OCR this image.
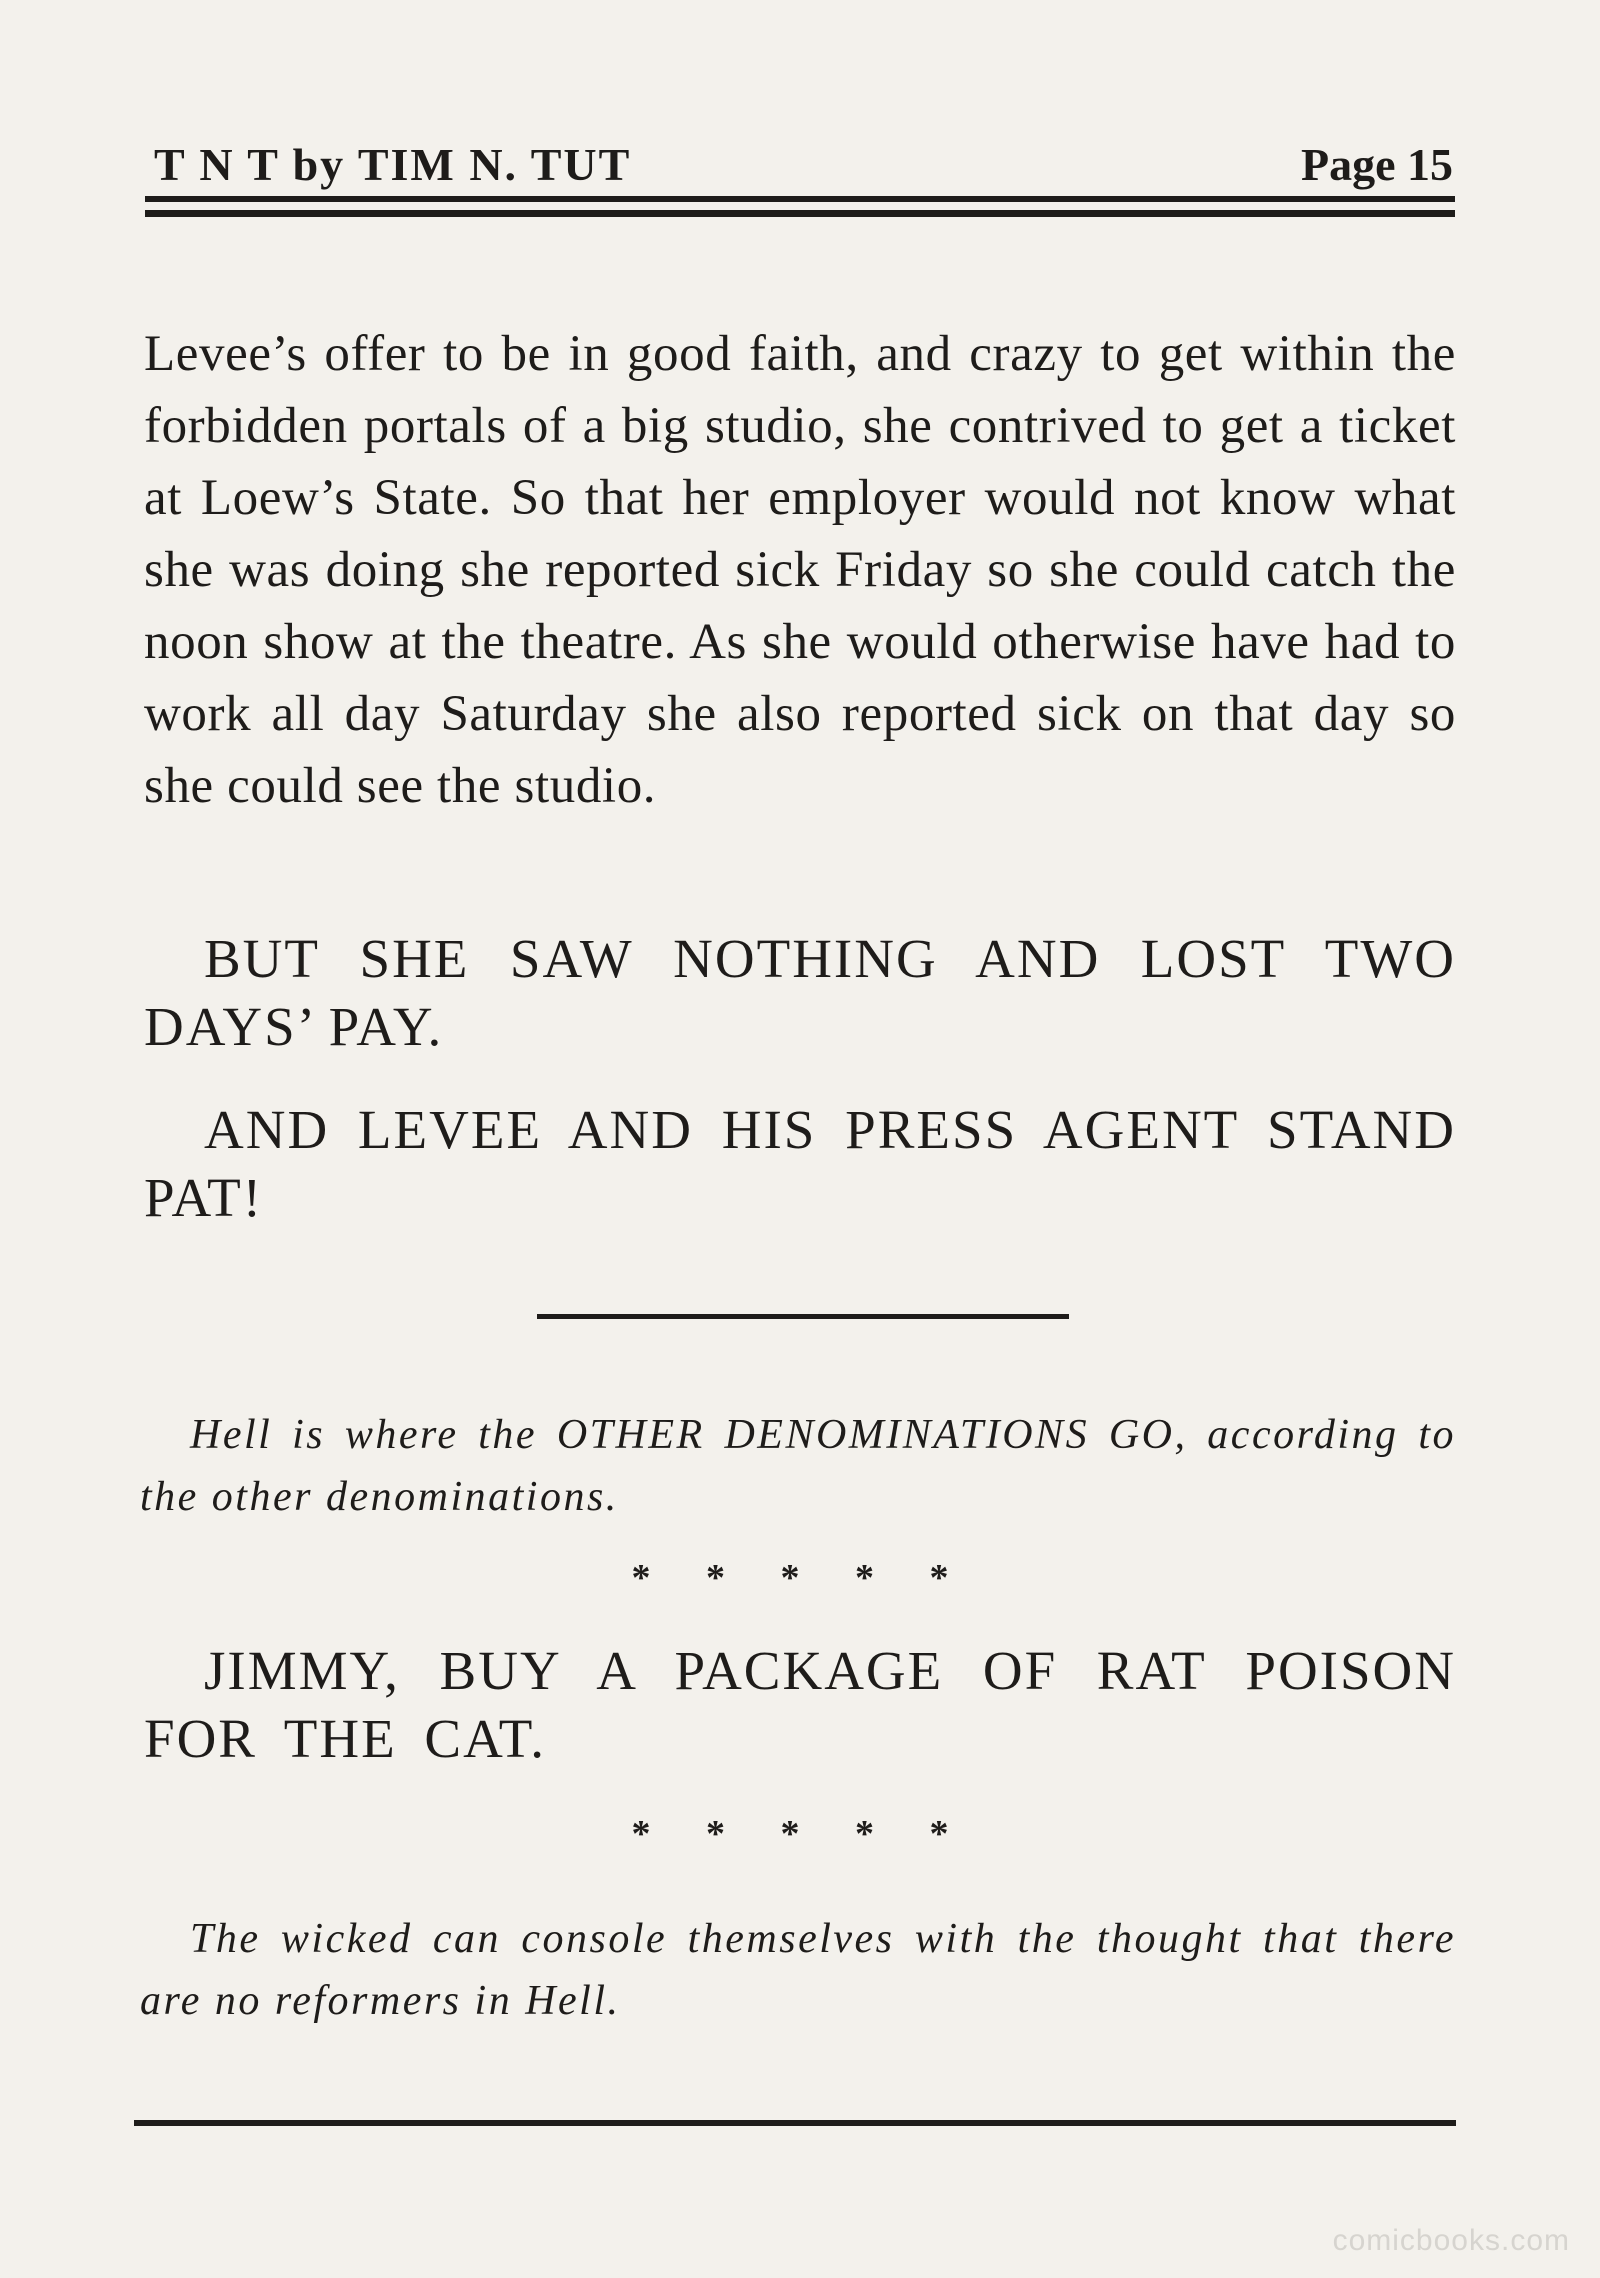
T N T by TIM N. TUT	Page 15

Levee’s offer to be in good faith, and crazy to get within the forbidden portals of a big studio, she contrived to get a ticket at Loew’s State. So that her employer would not know what she was doing she reported sick Friday so she could catch the noon show at the theatre. As she would otherwise have had to work all day Saturday she also reported sick on that day so she could see the studio.

BUT SHE SAW NOTHING AND LOST TWO DAYS’ PAY.

AND LEVEE AND HIS PRESS AGENT STAND PAT!

Hell is where the OTHER DENOMINATIONS GO, according to the other denominations.

* * * * *

JIMMY, BUY A PACKAGE OF RAT POISON FOR THE CAT.

* * * * *

The wicked can console themselves with the thought that there are no reformers in Hell.

comicbooks.com
